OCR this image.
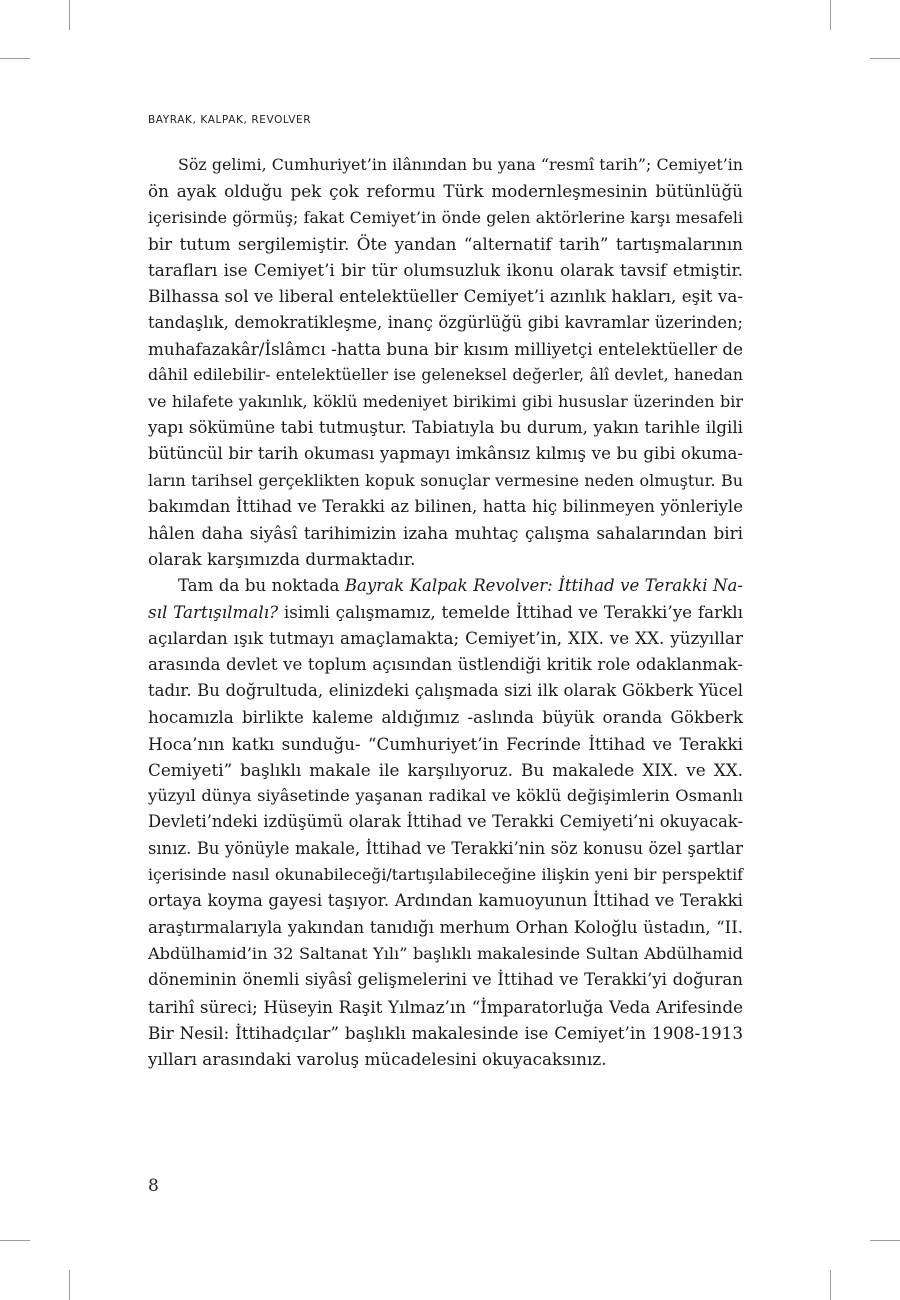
BAYRAK, KALPAK, REVOLVER
Söz gelimi, Cumhuriyet’in ilânından bu yana “resmî tarih”; Cemiyet’in
ön ayak olduğu pek çok reformu Türk modernleşmesinin bütünlüğü
içerisinde görmüş; fakat Cemiyet’in önde gelen aktörlerine karşı mesafeli
bir tutum sergilemiştir. Öte yandan “alternatif tarih” tartışmalarının
tarafları ise Cemiyet’i bir tür olumsuzluk ikonu olarak tavsif etmiştir.
Bilhassa sol ve liberal entelektüeller Cemiyet’i azınlık hakları, eşit va-
tandaşlık, demokratikleşme, inanç özgürlüğü gibi kavramlar üzerinden;
muhafazakâr/İslâmcı -hatta buna bir kısım milliyetçi entelektüeller de
dâhil edilebilir- entelektüeller ise geleneksel değerler, âlî devlet, hanedan
ve hilafete yakınlık, köklü medeniyet birikimi gibi hususlar üzerinden bir
yapı sökümüne tabi tutmuştur. Tabiatıyla bu durum, yakın tarihle ilgili
bütüncül bir tarih okuması yapmayı imkânsız kılmış ve bu gibi okuma-
ların tarihsel gerçeklikten kopuk sonuçlar vermesine neden olmuştur. Bu
bakımdan İttihad ve Terakki az bilinen, hatta hiç bilinmeyen yönleriyle
hâlen daha siyâsî tarihimizin izaha muhtaç çalışma sahalarından biri
olarak karşımızda durmaktadır.
Tam da bu noktada Bayrak Kalpak Revolver: İttihad ve Terakki Na-
sıl Tartışılmalı? isimli çalışmamız, temelde İttihad ve Terakki’ye farklı
açılardan ışık tutmayı amaçlamakta; Cemiyet’in, XIX. ve XX. yüzyıllar
arasında devlet ve toplum açısından üstlendiği kritik role odaklanmak-
tadır. Bu doğrultuda, elinizdeki çalışmada sizi ilk olarak Gökberk Yücel
hocamızla birlikte kaleme aldığımız -aslında büyük oranda Gökberk
Hoca’nın katkı sunduğu- “Cumhuriyet’in Fecrinde İttihad ve Terakki
Cemiyeti” başlıklı makale ile karşılıyoruz. Bu makalede XIX. ve XX.
yüzyıl dünya siyâsetinde yaşanan radikal ve köklü değişimlerin Osmanlı
Devleti’ndeki izdüşümü olarak İttihad ve Terakki Cemiyeti’ni okuyacak-
sınız. Bu yönüyle makale, İttihad ve Terakki’nin söz konusu özel şartlar
içerisinde nasıl okunabileceği/tartışılabileceğine ilişkin yeni bir perspektif
ortaya koyma gayesi taşıyor. Ardından kamuoyunun İttihad ve Terakki
araştırmalarıyla yakından tanıdığı merhum Orhan Koloğlu üstadın, “II.
Abdülhamid’in 32 Saltanat Yılı” başlıklı makalesinde Sultan Abdülhamid
döneminin önemli siyâsî gelişmelerini ve İttihad ve Terakki’yi doğuran
tarihî süreci; Hüseyin Raşit Yılmaz’ın “İmparatorluğa Veda Arifesinde
Bir Nesil: İttihadçılar” başlıklı makalesinde ise Cemiyet’in 1908-1913
yılları arasındaki varoluş mücadelesini okuyacaksınız.
8
